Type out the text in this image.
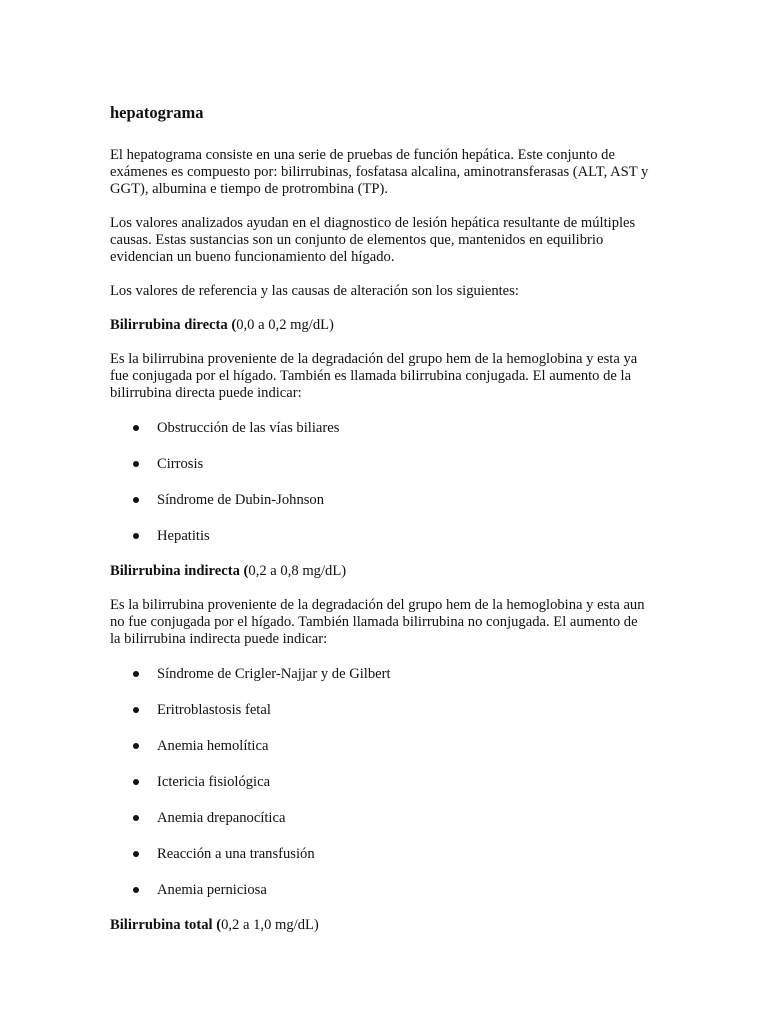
hepatograma

El hepatograma consiste en una serie de pruebas de función hepática. Este conjunto de exámenes es compuesto por: bilirrubinas, fosfatasa alcalina, aminotransferasas (ALT, AST y GGT), albumina e tiempo de protrombina (TP).

Los valores analizados ayudan en el diagnostico de lesión hepática resultante de múltiples causas. Estas sustancias son un conjunto de elementos que, mantenidos en equilibrio evidencian un bueno funcionamiento del hígado.

Los valores de referencia y las causas de alteración son los siguientes:

Bilirrubina directa (0,0 a 0,2 mg/dL)

Es la bilirrubina proveniente de la degradación del grupo hem de la hemoglobina y esta ya fue conjugada por el hígado. También es llamada bilirrubina conjugada. El aumento de la bilirrubina directa puede indicar:

Obstrucción de las vías biliares
Cirrosis
Síndrome de Dubin-Johnson
Hepatitis
Bilirrubina indirecta (0,2 a 0,8 mg/dL)

Es la bilirrubina proveniente de la degradación del grupo hem de la hemoglobina y esta aun no fue conjugada por el hígado. También llamada bilirrubina no conjugada. El aumento de la bilirrubina indirecta puede indicar:

Síndrome de Crigler-Najjar y de Gilbert
Eritroblastosis fetal
Anemia hemolítica
Ictericia fisiológica
Anemia drepanocítica
Reacción a una transfusión
Anemia perniciosa
Bilirrubina total (0,2 a 1,0 mg/dL)
